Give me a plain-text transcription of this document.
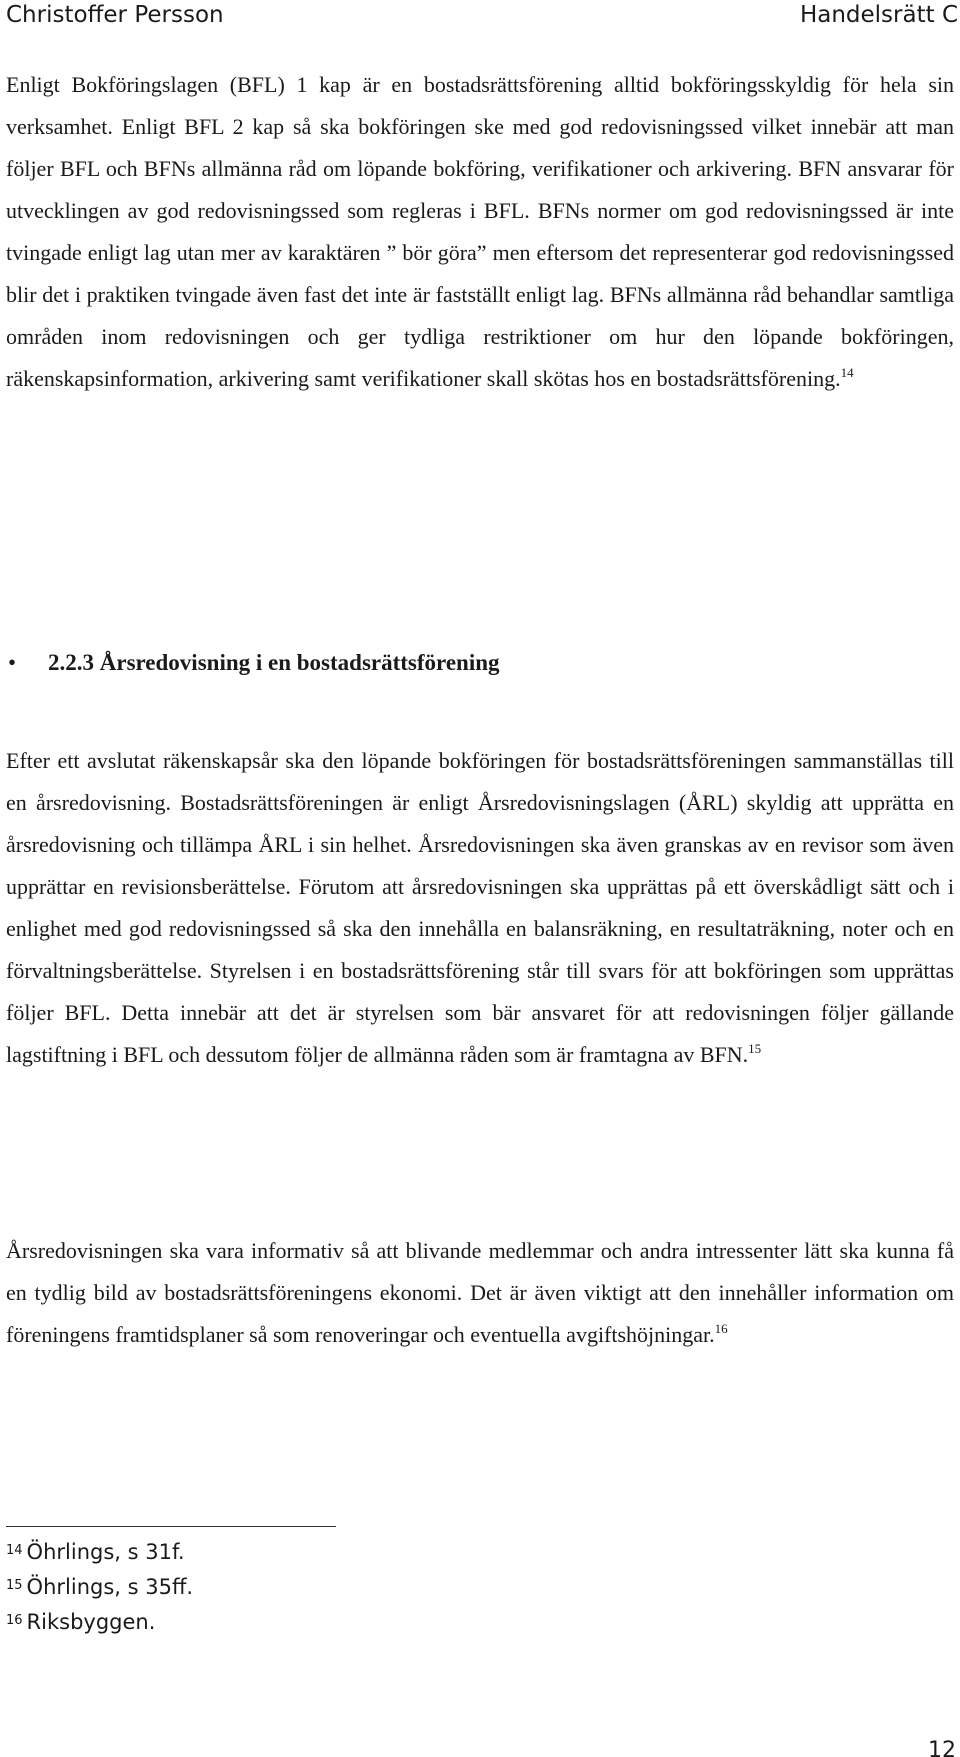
Christoffer Persson	Handelsrätt C

Enligt Bokföringslagen (BFL) 1 kap är en bostadsrättsförening alltid bokföringsskyldig för hela sin verksamhet. Enligt BFL 2 kap så ska bokföringen ske med god redovisningssed vilket innebär att man följer BFL och BFNs allmänna råd om löpande bokföring, verifikationer och arkivering. BFN ansvarar för utvecklingen av god redovisningssed som regleras i BFL. BFNs normer om god redovisningssed är inte tvingade enligt lag utan mer av karaktären ” bör göra” men eftersom det representerar god redovisningssed blir det i praktiken tvingade även fast det inte är fastställt enligt lag. BFNs allmänna råd behandlar samtliga områden inom redovisningen och ger tydliga restriktioner om hur den löpande bokföringen, räkenskapsinformation, arkivering samt verifikationer skall skötas hos en bostadsrättsförening.$^{14}$

• 2.2.3 Årsredovisning i en bostadsrättsförening

Efter ett avslutat räkenskapsår ska den löpande bokföringen för bostadsrättsföreningen sammanställas till en årsredovisning. Bostadsrättsföreningen är enligt Årsredovisningslagen (ÅRL) skyldig att upprätta en årsredovisning och tillämpa ÅRL i sin helhet. Årsredovisningen ska även granskas av en revisor som även upprättar en revisionsberättelse. Förutom att årsredovisningen ska upprättas på ett överskådligt sätt och i enlighet med god redovisningssed så ska den innehålla en balansräkning, en resultaträkning, noter och en förvaltningsberättelse. Styrelsen i en bostadsrättsförening står till svars för att bokföringen som upprättas följer BFL. Detta innebär att det är styrelsen som bär ansvaret för att redovisningen följer gällande lagstiftning i BFL och dessutom följer de allmänna råden som är framtagna av BFN.$^{15}$

Årsredovisningen ska vara informativ så att blivande medlemmar och andra intressenter lätt ska kunna få en tydlig bild av bostadsrättsföreningens ekonomi. Det är även viktigt att den innehåller information om föreningens framtidsplaner så som renoveringar och eventuella avgiftshöjningar.$^{16}$

$^{14}$ Öhrlings, s 31f.
$^{15}$ Öhrlings, s 35ff.
$^{16}$ Riksbyggen.
12
